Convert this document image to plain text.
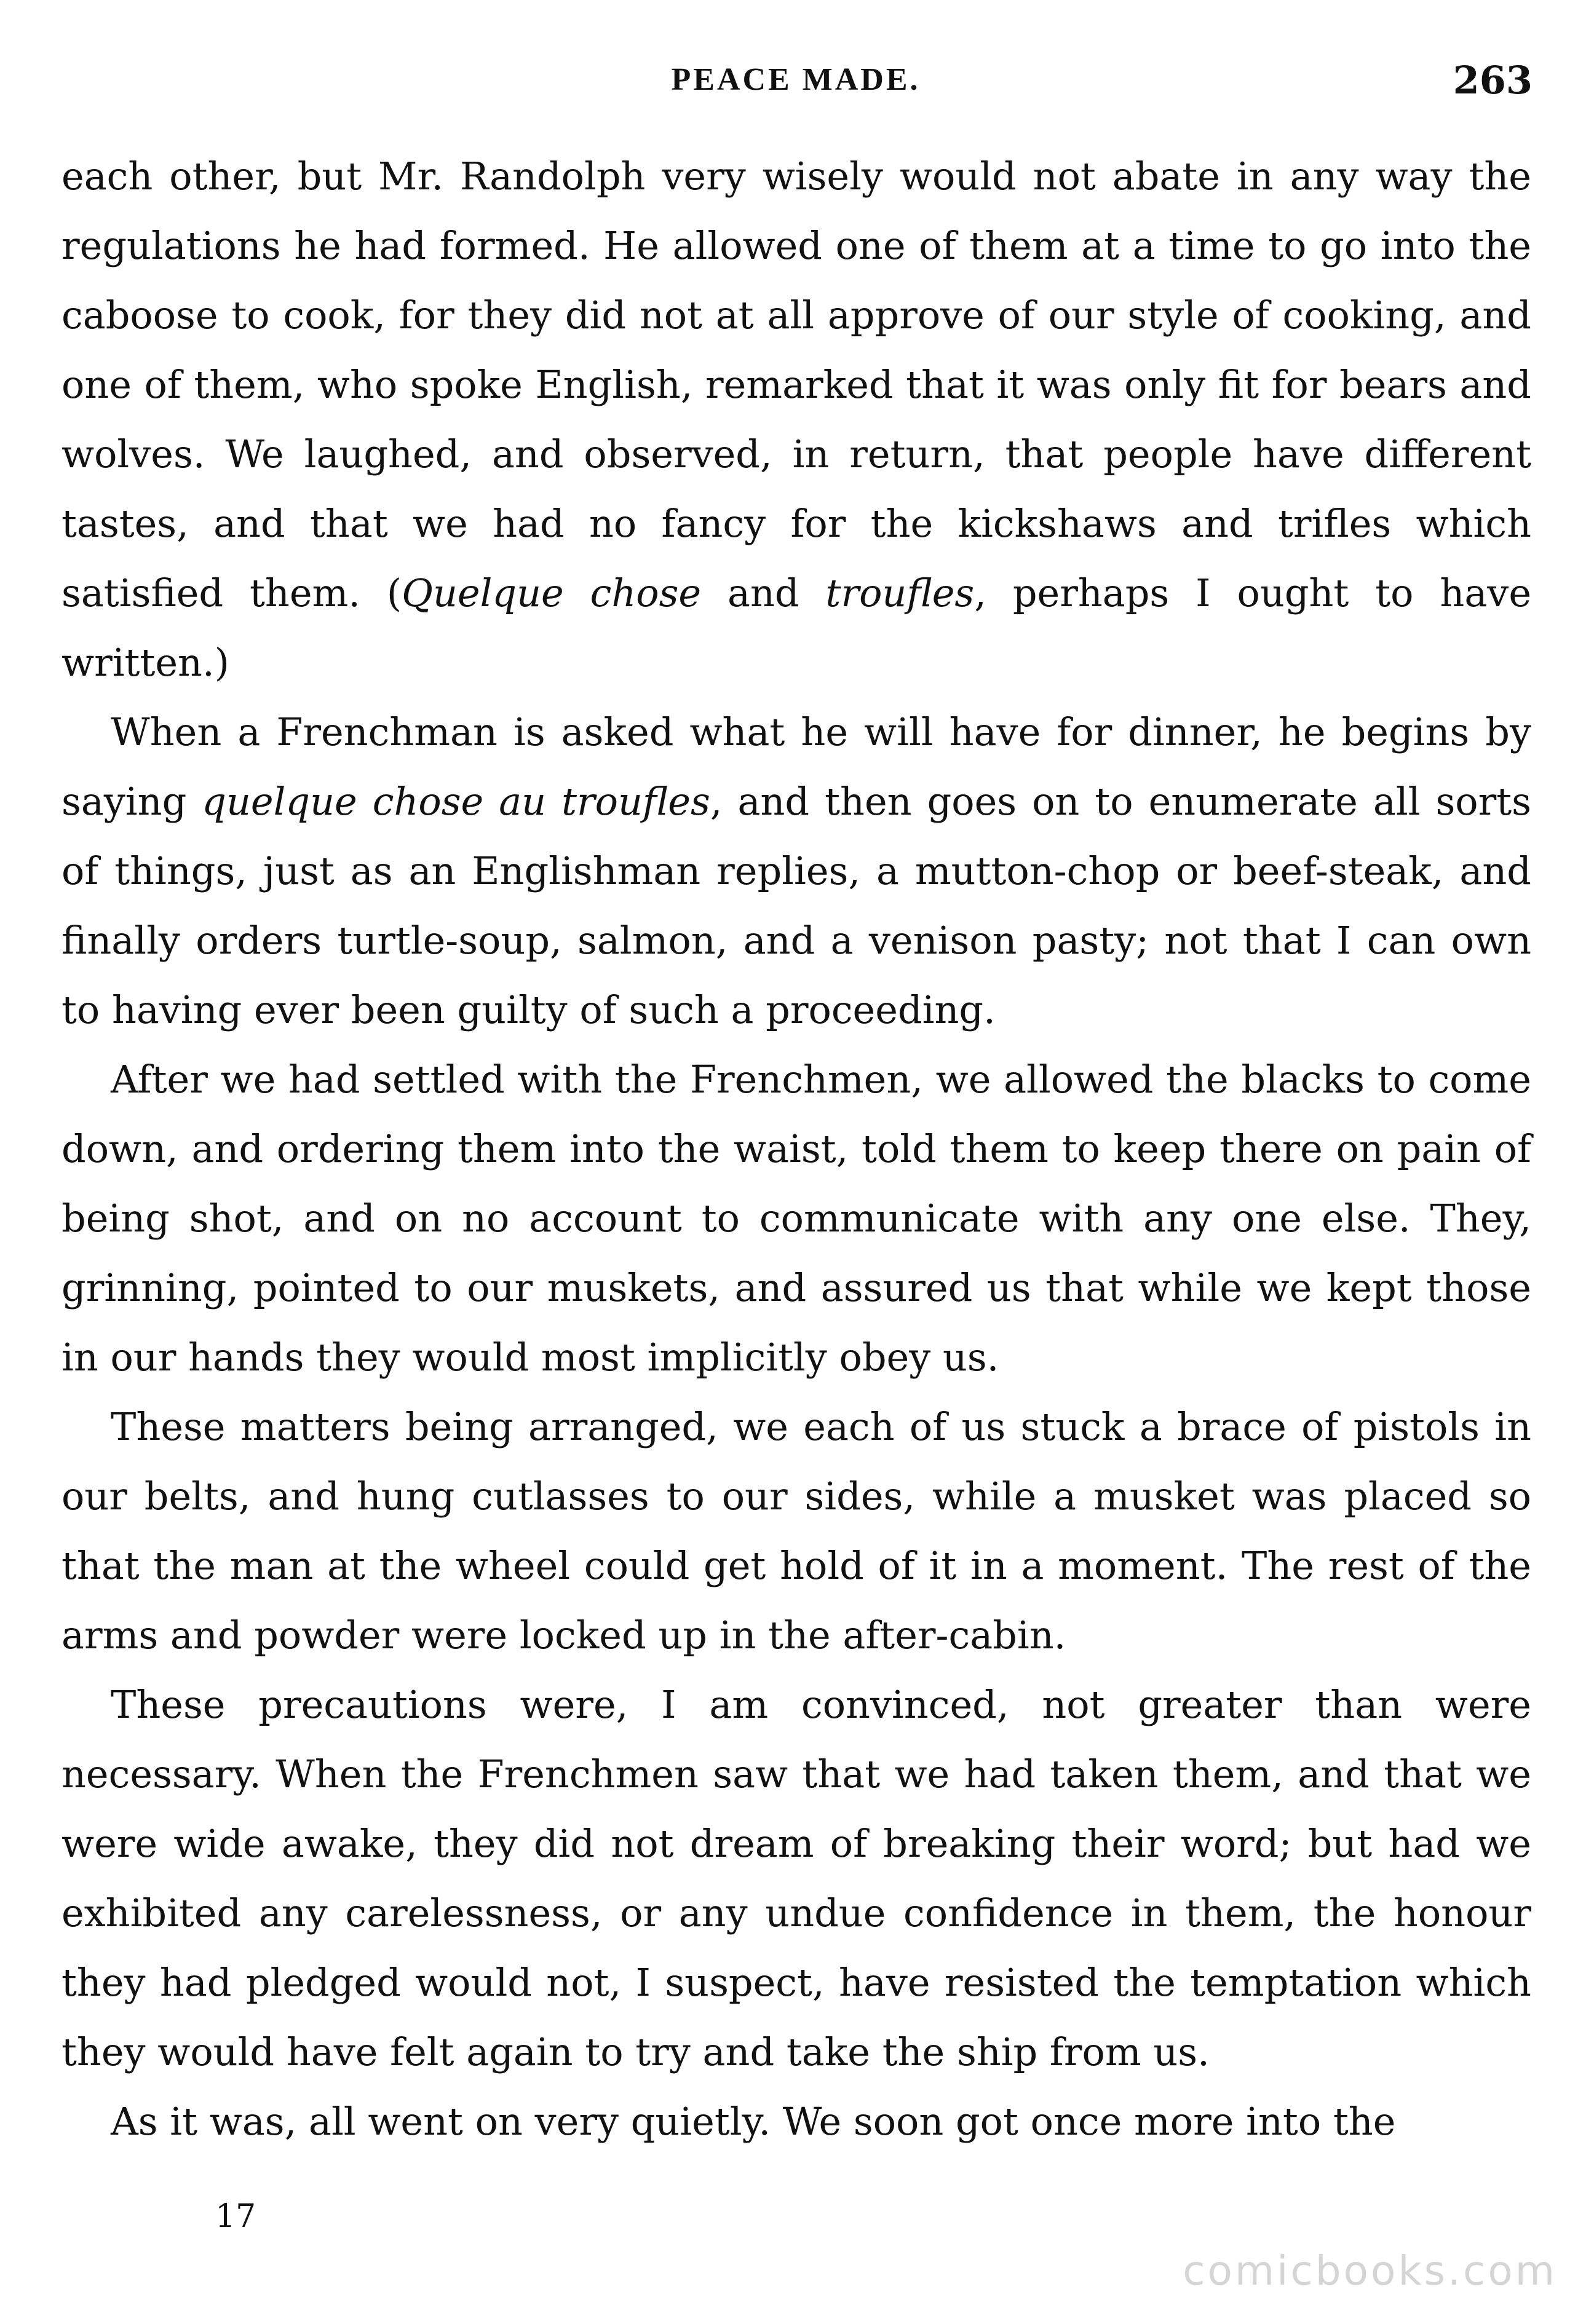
PEACE MADE.	263

each other, but Mr. Randolph very wisely would not abate in any way the regulations he had formed. He allowed one of them at a time to go into the caboose to cook, for they did not at all approve of our style of cooking, and one of them, who spoke English, remarked that it was only fit for bears and wolves. We laughed, and observed, in return, that people have different tastes, and that we had no fancy for the kickshaws and trifles which satisfied them. (Quelque chose and troufles, perhaps I ought to have written.)

When a Frenchman is asked what he will have for dinner, he begins by saying quelque chose au troufles, and then goes on to enumerate all sorts of things, just as an Englishman replies, a mutton-chop or beef-steak, and finally orders turtle-soup, salmon, and a venison pasty; not that I can own to having ever been guilty of such a proceeding.

After we had settled with the Frenchmen, we allowed the blacks to come down, and ordering them into the waist, told them to keep there on pain of being shot, and on no account to communicate with any one else. They, grinning, pointed to our muskets, and assured us that while we kept those in our hands they would most implicitly obey us.

These matters being arranged, we each of us stuck a brace of pistols in our belts, and hung cutlasses to our sides, while a musket was placed so that the man at the wheel could get hold of it in a moment. The rest of the arms and powder were locked up in the after-cabin.

These precautions were, I am convinced, not greater than were necessary. When the Frenchmen saw that we had taken them, and that we were wide awake, they did not dream of breaking their word; but had we exhibited any carelessness, or any undue confidence in them, the honour they had pledged would not, I suspect, have resisted the temptation which they would have felt again to try and take the ship from us.

As it was, all went on very quietly. We soon got once more into the

17
comicbooks.com
